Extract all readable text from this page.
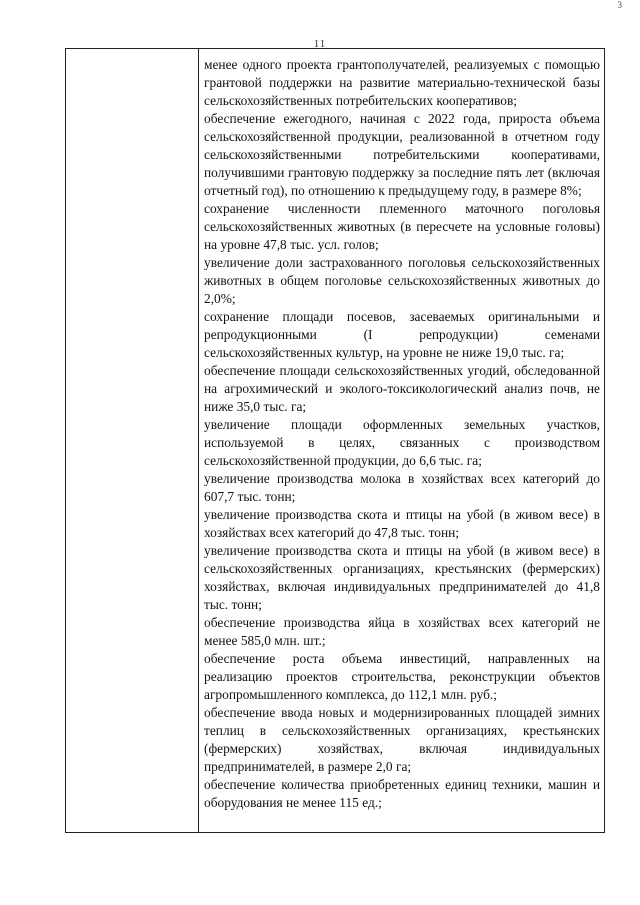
3
11

менее одного проекта грантополучателей, реализуемых с помощью грантовой поддержки на развитие материально-технической базы сельскохозяйственных потребительских кооперативов;

обеспечение ежегодного, начиная с 2022 года, прироста объема сельскохозяйственной продукции, реализованной в отчетном году сельскохозяйственными потребительскими кооперативами, получившими грантовую поддержку за последние пять лет (включая отчетный год), по отношению к предыдущему году, в размере 8%;

сохранение численности племенного маточного поголовья сельскохозяйственных животных (в пересчете на условные головы) на уровне 47,8 тыс. усл. голов;

увеличение доли застрахованного поголовья сельскохозяйственных животных в общем поголовье сельскохозяйственных животных до 2,0%;

сохранение площади посевов, засеваемых оригинальными и репродукционными (I репродукции) семенами сельскохозяйственных культур, на уровне не ниже 19,0 тыс. га;

обеспечение площади сельскохозяйственных угодий, обследованной на агрохимический и эколого-токсикологический анализ почв, не ниже 35,0 тыс. га;

увеличение площади оформленных земельных участков, используемой в целях, связанных с производством сельскохозяйственной продукции, до 6,6 тыс. га;

увеличение производства молока в хозяйствах всех категорий до 607,7 тыс. тонн;

увеличение производства скота и птицы на убой (в живом весе) в хозяйствах всех категорий до 47,8 тыс. тонн;

увеличение производства скота и птицы на убой (в живом весе) в сельскохозяйственных организациях, крестьянских (фермерских) хозяйствах, включая индивидуальных предпринимателей до 41,8 тыс. тонн;

обеспечение производства яйца в хозяйствах всех категорий не менее 585,0 млн. шт.;

обеспечение роста объема инвестиций, направленных на реализацию проектов строительства, реконструкции объектов агропромышленного комплекса, до 112,1 млн. руб.;

обеспечение ввода новых и модернизированных площадей зимних теплиц в сельскохозяйственных организациях, крестьянских (фермерских) хозяйствах, включая индивидуальных предпринимателей, в размере 2,0 га;

обеспечение количества приобретенных единиц техники, машин и оборудования не менее 115 ед.;
